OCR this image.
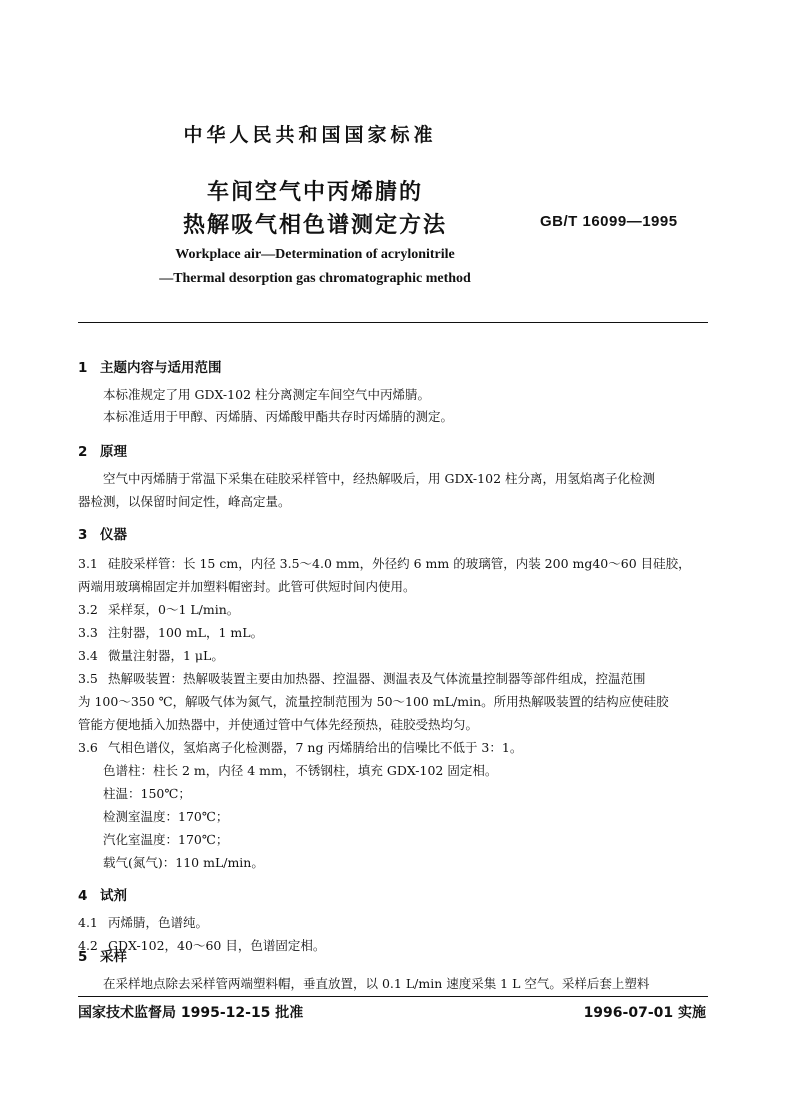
中华人民共和国国家标准
车间空气中丙烯腈的
热解吸气相色谱测定方法	GB/T 16099—1995
Workplace air—Determination of acrylonitrile
—Thermal desorption gas chromatographic method
1 主题内容与适用范围
本标准规定了用 GDX-102 柱分离测定车间空气中丙烯腈。
本标准适用于甲醇、丙烯腈、丙烯酸甲酯共存时丙烯腈的测定。
2 原理
空气中丙烯腈于常温下采集在硅胶采样管中，经热解吸后，用 GDX-102 柱分离，用氢焰离子化检测
器检测，以保留时间定性，峰高定量。
3 仪器
3.1 硅胶采样管：长 15 cm，内径 3.5～4.0 mm，外径约 6 mm 的玻璃管，内装 200 mg40～60 目硅胶，
两端用玻璃棉固定并加塑料帽密封。此管可供短时间内使用。
3.2 采样泵，0～1 L/min。
3.3 注射器，100 mL，1 mL。
3.4 微量注射器，1 μL。
3.5 热解吸装置：热解吸装置主要由加热器、控温器、测温表及气体流量控制器等部件组成，控温范围
为 100～350 ℃，解吸气体为氮气，流量控制范围为 50～100 mL/min。所用热解吸装置的结构应使硅胶
管能方便地插入加热器中，并使通过管中气体先经预热，硅胶受热均匀。
3.6 气相色谱仪，氢焰离子化检测器，7 ng 丙烯腈给出的信噪比不低于 3：1。
色谱柱：柱长 2 m，内径 4 mm，不锈钢柱，填充 GDX-102 固定相。
柱温：150℃；
检测室温度：170℃；
汽化室温度：170℃；
载气(氮气)：110 mL/min。
4 试剂
4.1 丙烯腈，色谱纯。
4.2 GDX-102，40～60 目，色谱固定相。
5 采样
在采样地点除去采样管两端塑料帽，垂直放置，以 0.1 L/min 速度采集 1 L 空气。采样后套上塑料
国家技术监督局 1995-12-15 批准	1996-07-01 实施
